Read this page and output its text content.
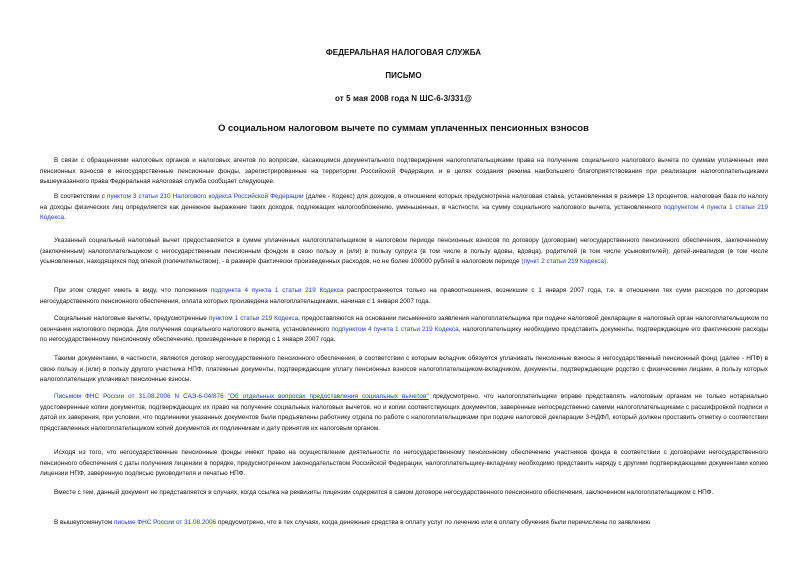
ФЕДЕРАЛЬНАЯ НАЛОГОВАЯ СЛУЖБА
ПИСЬМО
от 5 мая 2008 года N ШС-6-3/331@
О социальном налоговом вычете по суммам уплаченных пенсионных взносов
В связи с обращениями налоговых органов и налоговых агентов по вопросам, касающимся документального подтверждения налогоплательщиками права на получение социального налогового вычета по суммам уплаченных ими пенсионных взносов в негосударственные пенсионные фонды, зарегистрированные на территории Российской Федерации, и в целях создания режима наибольшего благоприятствования при реализации налогоплательщиками вышеуказанного права Федеральная налоговая служба сообщает следующее.
В соответствии с пунктом 3 статьи 210 Налогового кодекса Российской Федерации (далее - Кодекс) для доходов, в отношении которых предусмотрена налоговая ставка, установленная в размере 13 процентов, налоговая база по налогу на доходы физических лиц определяется как денежное выражение таких доходов, подлежащих налогообложению, уменьшенных, в частности, на сумму социального налогового вычета, установленного подпунктом 4 пункта 1 статьи 219 Кодекса.
Указанный социальный налоговый вычет предоставляется в сумме уплаченных налогоплательщиком в налоговом периоде пенсионных взносов по договору (договорам) негосударственного пенсионного обеспечения, заключенному (заключенным) налогоплательщиком с негосударственным пенсионным фондом в свою пользу и (или) в пользу супруга (в том числе в пользу вдовы, вдовца), родителей (в том числе усыновителей), детей-инвалидов (в том числе усыновленных, находящихся под опекой (попечительством), - в размере фактически произведенных расходов, но не более 100000 рублей в налоговом периоде (пункт 2 статьи 219 Кодекса).
При этом следует иметь в виду, что положения подпункта 4 пункта 1 статьи 219 Кодекса распространяются только на правоотношения, возникшие с 1 января 2007 года, т.е. в отношении тех сумм расходов по договорам негосударственного пенсионного обеспечения, оплата которых произведена налогоплательщиками, начиная с 1 января 2007 года.
Социальные налоговые вычеты, предусмотренные пунктом 1 статьи 219 Кодекса, предоставляются на основании письменного заявления налогоплательщика при подаче налоговой декларации в налоговый орган налогоплательщиком по окончании налогового периода. Для получения социального налогового вычета, установленного подпунктом 4 пункта 1 статьи 219 Кодекса, налогоплательщику необходимо представить документы, подтверждающие его фактические расходы по негосударственному пенсионному обеспечению, произведенные в период с 1 января 2007 года.
Такими документами, в частности, являются договор негосударственного пенсионного обеспечения, в соответствии с которым вкладчик обязуется уплачивать пенсионные взносы в негосударственный пенсионный фонд (далее - НПФ) в свою пользу и (или) в пользу другого участника НПФ, платежные документы, подтверждающие уплату пенсионных взносов налогоплательщиком-вкладчиком, документы, подтверждающие родство с физическими лицами, в пользу которых налогоплательщик уплачивал пенсионные взносы.
Письмом ФНС России от 31.08.2006 N САЭ-6-04/876 "Об отдельных вопросах предоставления социальных вычетов" предусмотрено, что налогоплательщики вправе представлять налоговым органам не только нотариально удостоверенные копии документов, подтверждающих их право на получение социальных налоговых вычетов, но и копии соответствующих документов, заверенные непосредственно самими налогоплательщиками с расшифровкой подписи и датой их заверения, при условии, что подлинники указанных документов были предъявлены работнику отдела по работе с налогоплательщиками при подаче налоговой декларации 3-НДФЛ, который должен проставить отметку о соответствии представленных налогоплательщиком копий документов их подлинникам и дату принятия их налоговым органом.
Исходя из того, что негосударственные пенсионные фонды имеют право на осуществление деятельности по негосударственному пенсионному обеспечению участников фонда в соответствии с договорами негосударственного пенсионного обеспечения с даты получения лицензии в порядке, предусмотренном законодательством Российской Федерации, налогоплательщику-вкладчику необходимо представить наряду с другими подтверждающими документами копию лицензии НПФ, заверенную подписью руководителя и печатью НПФ.
Вместе с тем, данный документ не представляется в случаях, когда ссылка на реквизиты лицензии содержится в самом договоре негосударственного пенсионного обеспечения, заключенном налогоплательщиком с НПФ.
В вышеупомянутом письме ФНС России от 31.08.2006 предусмотрено, что в тех случаях, когда денежные средства в оплату услуг по лечению или в оплату обучения были перечислены по заявлению
